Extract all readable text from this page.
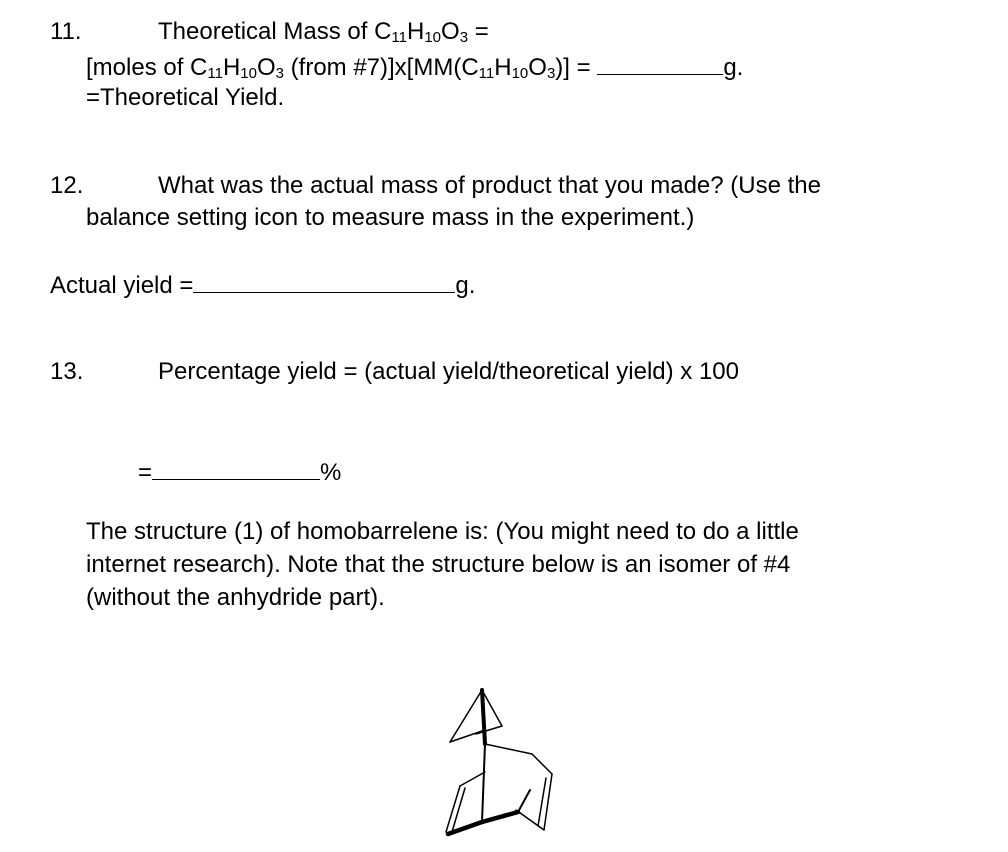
11.	Theoretical Mass of $C_{11}H_{10}O_3$ =
[moles of $C_{11}H_{10}O_3$ (from $\#7)]x[MM(C_{11}H_{10}O_3)]$ =	g.
=Theoretical Yield.
12.	What was the actual mass of product that you made? (Use the
balance setting icon to measure mass in the experiment.)
Actual yield =	g.
13.	Percentage yield = (actual yield/theoretical yield) x 100
=	%
The structure (1) of homobarrelene is: (You might need to do a little
internet research). Note that the structure below is an isomer of #4
(without the anhydride part).
